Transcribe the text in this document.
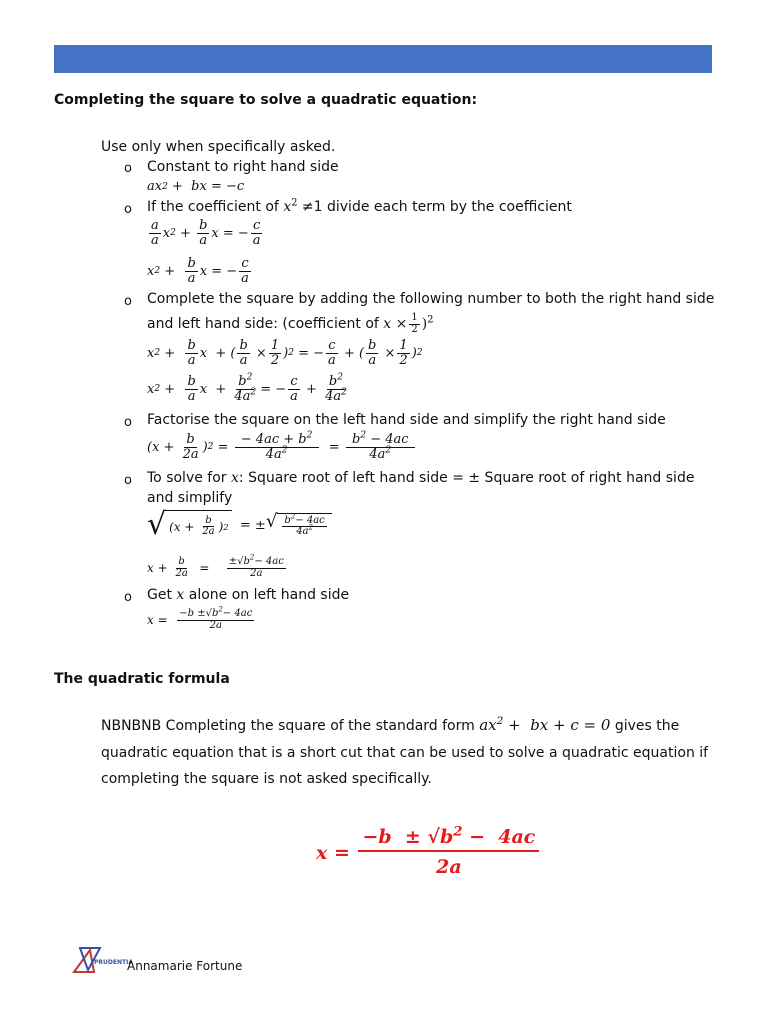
Completing the square to solve a quadratic equation:
Use only when specifically asked.
o Constant to right hand side
ax 2 +  bx = −c
o If the coefficient of $x^2 \ne 1$ divide each term by the coefficient
$\frac{a}{a}$ x $2 + \frac{b}{a}$ x = − $\frac{c}{a}$
x $2 + \frac{b}{a}$ x = − $\frac{c}{a}$
o Complete the square by adding the following number to both the right hand side
and left hand side: (coefficient of
x
× $\frac{1}{2} )^2$
x $2 + \frac{b}{a}$ x  + ( $\frac{b}{a} \times \frac{1}{2}$ ) 2 = − $\frac{c}{a}$ + ( $\frac{b}{a} \times \frac{1}{2}$ ) 2
x $2 + \frac{b}{a}$ $x + \frac{b^2}{4a^2}$ = − $\frac{c}{a} + \frac{b^2}{4a^2}$
o Factorise the square on the left hand side and simplify the right hand side
($x + \frac{b}{2a}$ ) $2 = \frac{- 4ac + b^2}{4a^2} = \frac{b^2 - 4ac}{4a^2}$
o To solve for x: Square root of left hand side = ± Square root of right hand side
and simplify
√ ($x + \frac{b}{2a}$ ) 2 = ± √ $\frac{b^2- 4ac}{4a^2}$
$x + \frac{b}{2a} = \frac{\pm√b^2- 4ac}{2a}$
o Get x alone on left hand side
$x = \frac{-b \pm√b^2- 4ac}{2a}$
The quadratic formula
NBNBNB Completing the square of the standard form $ax^2$ +  bx + c = 0 gives the
quadratic equation that is a short cut that can be used to solve a quadratic equation if
completing the square is not asked specifically.
$x = \frac{-b \pm √b^2 - 4ac}{2a}$
PRUDENTIA
Annamarie Fortune
